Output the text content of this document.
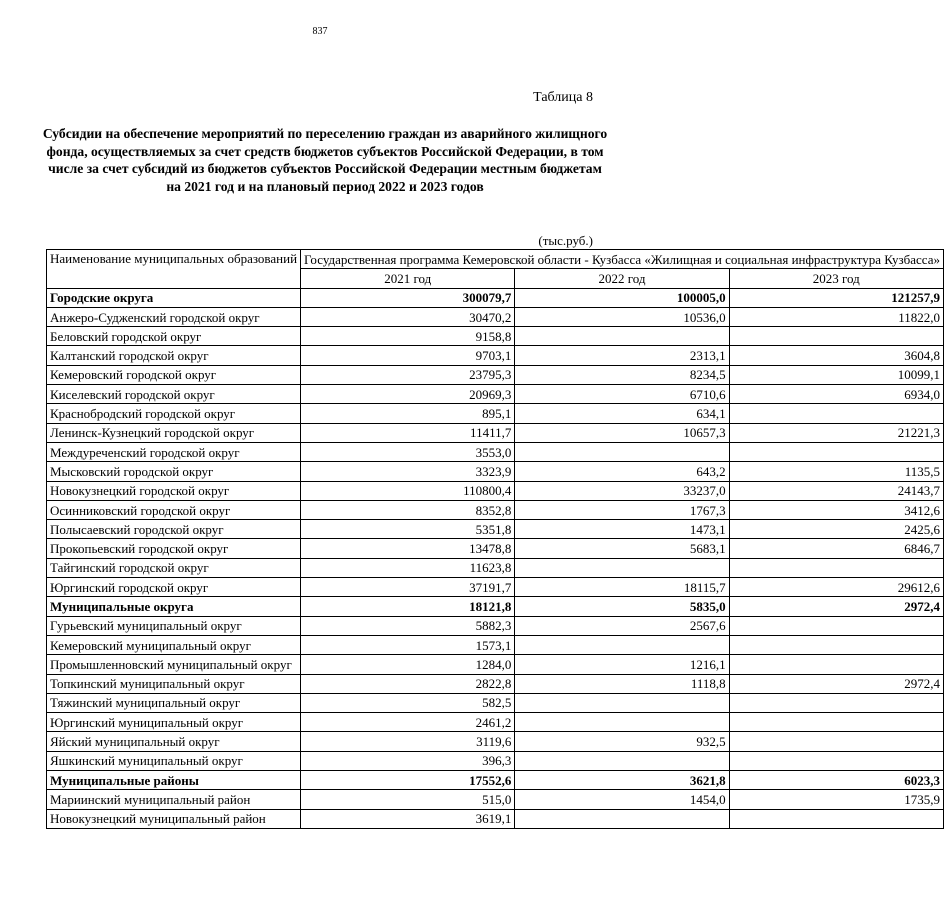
837
Таблица 8
Субсидии на обеспечение мероприятий по переселению граждан из аварийного жилищного фонда, осуществляемых за счет средств бюджетов субъектов Российской Федерации, в том числе за счет субсидий из бюджетов субъектов Российской Федерации местным бюджетам на 2021 год и на плановый период 2022 и 2023 годов
(тыс.руб.)
Наименование муниципальных образований	Государственная программа Кемеровской области - Кузбасса «Жилищная и социальная инфраструктура Кузбасса»		
	2021 год	2022 год	2023 год
Городские округа	300079,7	100005,0	121257,9
Анжеро-Судженский городской округ	30470,2	10536,0	11822,0
Беловский городской округ	9158,8		
Калтанский городской округ	9703,1	2313,1	3604,8
Кемеровский городской округ	23795,3	8234,5	10099,1
Киселевский городской округ	20969,3	6710,6	6934,0
Краснобродский городской округ	895,1	634,1	
Ленинск-Кузнецкий городской округ	11411,7	10657,3	21221,3
Междуреченский городской округ	3553,0		
Мысковский городской округ	3323,9	643,2	1135,5
Новокузнецкий городской округ	110800,4	33237,0	24143,7
Осинниковский городской округ	8352,8	1767,3	3412,6
Полысаевский городской округ	5351,8	1473,1	2425,6
Прокопьевский городской округ	13478,8	5683,1	6846,7
Тайгинский городской округ	11623,8		
Юргинский городской округ	37191,7	18115,7	29612,6
Муниципальные округа	18121,8	5835,0	2972,4
Гурьевский муниципальный округ	5882,3	2567,6	
Кемеровский муниципальный округ	1573,1		
Промышленновский муниципальный округ	1284,0	1216,1	
Топкинский муниципальный округ	2822,8	1118,8	2972,4
Тяжинский муниципальный округ	582,5		
Юргинский муниципальный округ	2461,2		
Яйский муниципальный округ	3119,6	932,5	
Яшкинский муниципальный округ	396,3		
Муниципальные районы	17552,6	3621,8	6023,3
Мариинский муниципальный район	515,0	1454,0	1735,9
Новокузнецкий муниципальный район	3619,1		
